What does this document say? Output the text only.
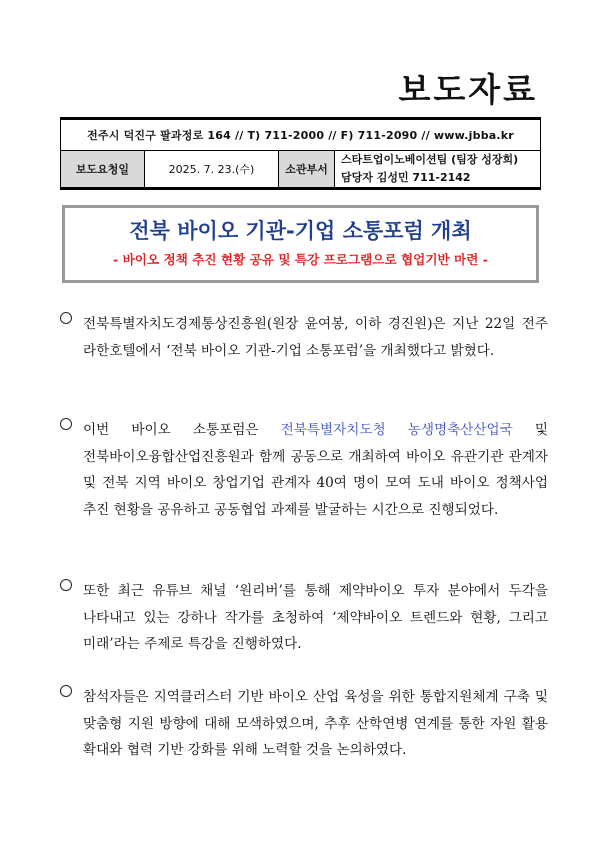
보도자료
전주시 덕진구 팔과정로 164 // T) 711-2000 // F) 711-2090 // www.jbba.kr
보도요청일	2025. 7. 23.(수)	소관부서	
스타트업이노베이션팀 (팀장 성장희)
담당자 김성민 711-2142

전북 바이오 기관-기업 소통포럼 개최

- 바이오 정책 추진 현황 공유 및 특강 프로그램으로 협업기반 마련 -

전북특별자치도경제통상진흥원(원장 윤여봉, 이하 경진원)은 지난 22일 전주 라한호텔에서 ‘전북 바이오 기관-기업 소통포럼’을 개최했다고 밝혔다.

이번 바이오 소통포럼은 전북특별자치도청 농생명축산산업국 및 전북바이오융합산업진흥원과 함께 공동으로 개최하여 바이오 유관기관 관계자 및 전북 지역 바이오 창업기업 관계자 40여 명이 모여 도내 바이오 정책사업 추진 현황을 공유하고 공동협업 과제를 발굴하는 시간으로 진행되었다.

또한 최근 유튜브 채널 ‘원리버’를 통해 제약바이오 투자 분야에서 두각을 나타내고 있는 강하나 작가를 초청하여 ‘제약바이오 트렌드와 현황, 그리고 미래’라는 주제로 특강을 진행하였다.

참석자들은 지역클러스터 기반 바이오 산업 육성을 위한 통합지원체계 구축 및 맞춤형 지원 방향에 대해 모색하였으며, 추후 산학연병 연계를 통한 자원 활용 확대와 협력 기반 강화를 위해 노력할 것을 논의하였다.
